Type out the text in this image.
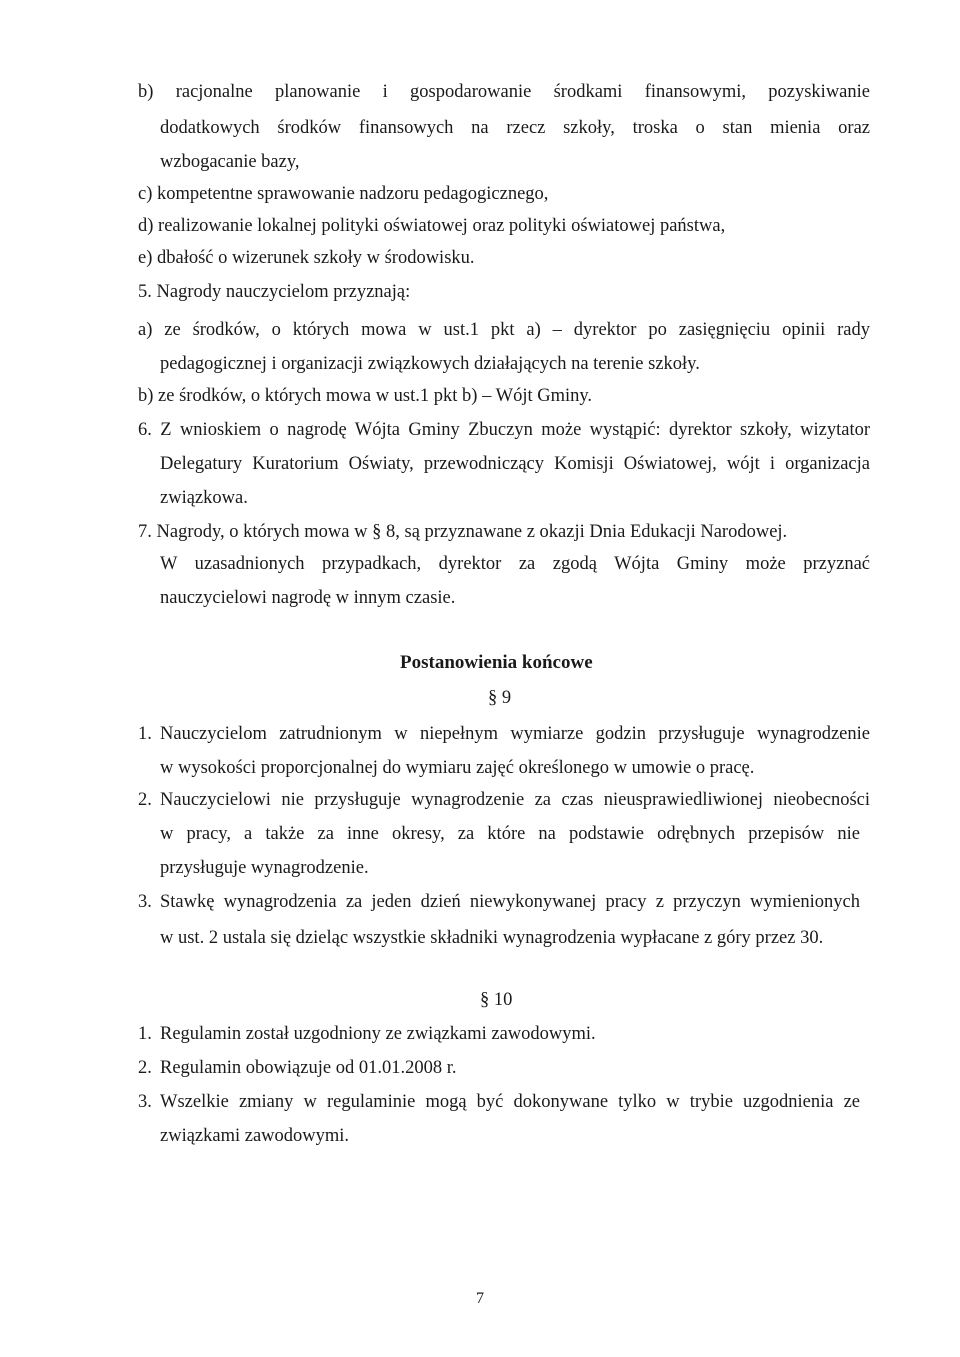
b) racjonalne planowanie i gospodarowanie środkami finansowymi, pozyskiwanie
dodatkowych środków finansowych na rzecz szkoły, troska o stan mienia oraz
wzbogacanie bazy,
c) kompetentne sprawowanie nadzoru pedagogicznego,
d) realizowanie lokalnej polityki oświatowej oraz polityki oświatowej państwa,
e) dbałość o wizerunek szkoły w środowisku.
5. Nagrody nauczycielom przyznają:
a) ze środków, o których mowa w ust.1 pkt a) – dyrektor po zasięgnięciu opinii rady
pedagogicznej i organizacji związkowych działających na terenie szkoły.
b) ze środków, o których mowa w ust.1 pkt b) – Wójt Gminy.
6. Z wnioskiem o nagrodę Wójta Gminy Zbuczyn może wystąpić: dyrektor szkoły, wizytator
Delegatury Kuratorium Oświaty, przewodniczący Komisji Oświatowej, wójt i organizacja
związkowa.
7. Nagrody, o których mowa w § 8, są przyznawane z okazji Dnia Edukacji Narodowej.
W uzasadnionych przypadkach, dyrektor za zgodą Wójta Gminy może przyznać
nauczycielowi nagrodę w innym czasie.
Postanowienia końcowe
§ 9
1. Nauczycielom zatrudnionym w niepełnym wymiarze godzin przysługuje wynagrodzenie
w wysokości proporcjonalnej do wymiaru zajęć określonego w umowie o pracę.
2. Nauczycielowi nie przysługuje wynagrodzenie za czas nieusprawiedliwionej nieobecności
w pracy, a także za inne okresy, za które na podstawie odrębnych przepisów nie
przysługuje wynagrodzenie.
3. Stawkę wynagrodzenia za jeden dzień niewykonywanej pracy z przyczyn wymienionych
w ust. 2 ustala się dzieląc wszystkie składniki wynagrodzenia wypłacane z góry przez 30.
§ 10
1. Regulamin został uzgodniony ze związkami zawodowymi.
2. Regulamin obowiązuje od 01.01.2008 r.
3. Wszelkie zmiany w regulaminie mogą być dokonywane tylko w trybie uzgodnienia ze
związkami zawodowymi.
7
